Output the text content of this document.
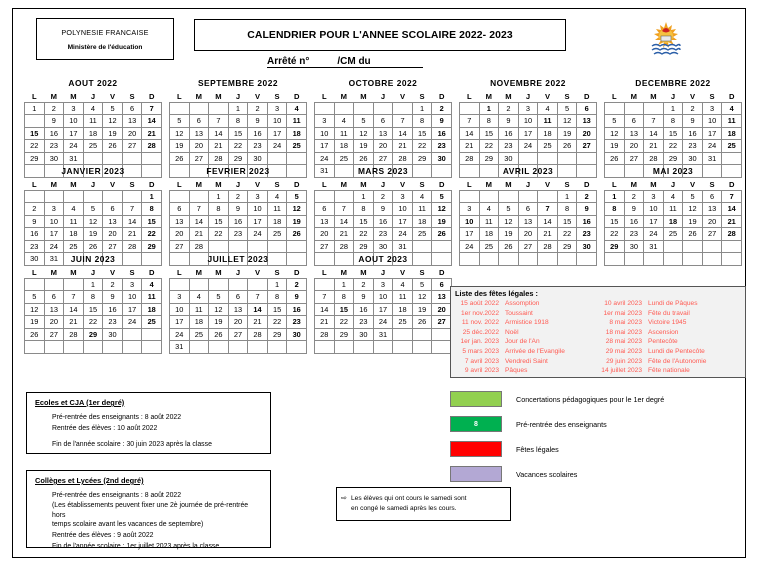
POLYNESIE FRANCAISE
Ministère de l'éducation
CALENDRIER POUR L'ANNEE SCOLAIRE 2022- 2023
Arrêté n°	/CM du
AOUT 2022
L	M	M	J	V	S	D
1	2	3	4	5	6	7
8	9	10	11	12	13	14
15	16	17	18	19	20	21
22	23	24	25	26	27	28
29	30	31				

SEPTEMBRE 2022
L	M	M	J	V	S	D
			1	2	3	4
5	6	7	8	9	10	11
12	13	14	15	16	17	18
19	20	21	22	23	24	25
26	27	28	29	30		

OCTOBRE 2022
L	M	M	J	V	S	D
					1	2
3	4	5	6	7	8	9
10	11	12	13	14	15	16
17	18	19	20	21	22	23
24	25	26	27	28	29	30
31						
NOVEMBRE 2022
L	M	M	J	V	S	D
	1	2	3	4	5	6
7	8	9	10	11	12	13
14	15	16	17	18	19	20
21	22	23	24	25	26	27
28	29	30				

DECEMBRE 2022
L	M	M	J	V	S	D
			1	2	3	4
5	6	7	8	9	10	11
12	13	14	15	16	17	18
19	20	21	22	23	24	25
26	27	28	29	30	31	

JANVIER 2023
L	M	M	J	V	S	D
						1
2	3	4	5	6	7	8
9	10	11	12	13	14	15
16	17	18	19	20	21	22
23	24	25	26	27	28	29
30	31					
FEVRIER 2023
L	M	M	J	V	S	D
		1	2	3	4	5
6	7	8	9	10	11	12
13	14	15	16	17	18	19
20	21	22	23	24	25	26
27	28					

MARS 2023
L	M	M	J	V	S	D
		1	2	3	4	5
6	7	8	9	10	11	12
13	14	15	16	17	18	19
20	21	22	23	24	25	26
27	28	29	30	31		

AVRIL 2023
L	M	M	J	V	S	D
					1	2
3	4	5	6	7	8	9
10	11	12	13	14	15	16
17	18	19	20	21	22	23
24	25	26	27	28	29	30

MAI 2023
L	M	M	J	V	S	D
1	2	3	4	5	6	7
8	9	10	11	12	13	14
15	16	17	18	19	20	21
22	23	24	25	26	27	28
29	30	31				

JUIN 2023
L	M	M	J	V	S	D
			1	2	3	4
5	6	7	8	9	10	11
12	13	14	15	16	17	18
19	20	21	22	23	24	25
26	27	28	29	30		

JUILLET 2023
L	M	M	J	V	S	D
					1	2
3	4	5	6	7	8	9
10	11	12	13	14	15	16
17	18	19	20	21	22	23
24	25	26	27	28	29	30
31						
AOUT 2023
L	M	M	J	V	S	D
	1	2	3	4	5	6
7	8	9	10	11	12	13
14	15	16	17	18	19	20
21	22	23	24	25	26	27
28	29	30	31			

Liste des fêtes légales :
15 août 2022 Assomption
1er nov.2022 Toussaint
11 nov. 2022 Armistice 1918
25 déc.2022 Noël
1er jan. 2023 Jour de l'An
5 mars 2023 Arrivée de l'Evangile
7 avril 2023 Vendredi Saint
9 avril 2023 Pâques
10 avril 2023 Lundi de Pâques
1er mai 2023 Fête du travail
8 mai 2023 Victoire 1945
18 mai 2023 Ascension
28 mai 2023 Pentecôte
29 mai 2023 Lundi de Pentecôte
29 juin 2023 Fête de l'Autonomie
14 juillet 2023 Fête nationale
Concertations pédagogiques pour le 1er degré
8	Pré-rentrée des enseignants
Fêtes légales
Vacances scolaires
Ecoles et CJA (1er degré)
Pré-rentrée des enseignants : 8 août 2022
Rentrée des élèves : 10 août 2022
Fin de l'année scolaire : 30 juin 2023 après la classe
Collèges et Lycées (2nd degré)
Pré-rentrée des enseignants : 8 août 2022
(Les établissements peuvent fixer une 2è journée de pré-rentrée hors
temps scolaire avant les vacances de septembre)
Rentrée des élèves : 9 août 2022
Fin de l'année scolaire : 1er juillet 2023 après la classe
⇨ Les élèves qui ont cours le samedi sont
en congé le samedi après les cours.
